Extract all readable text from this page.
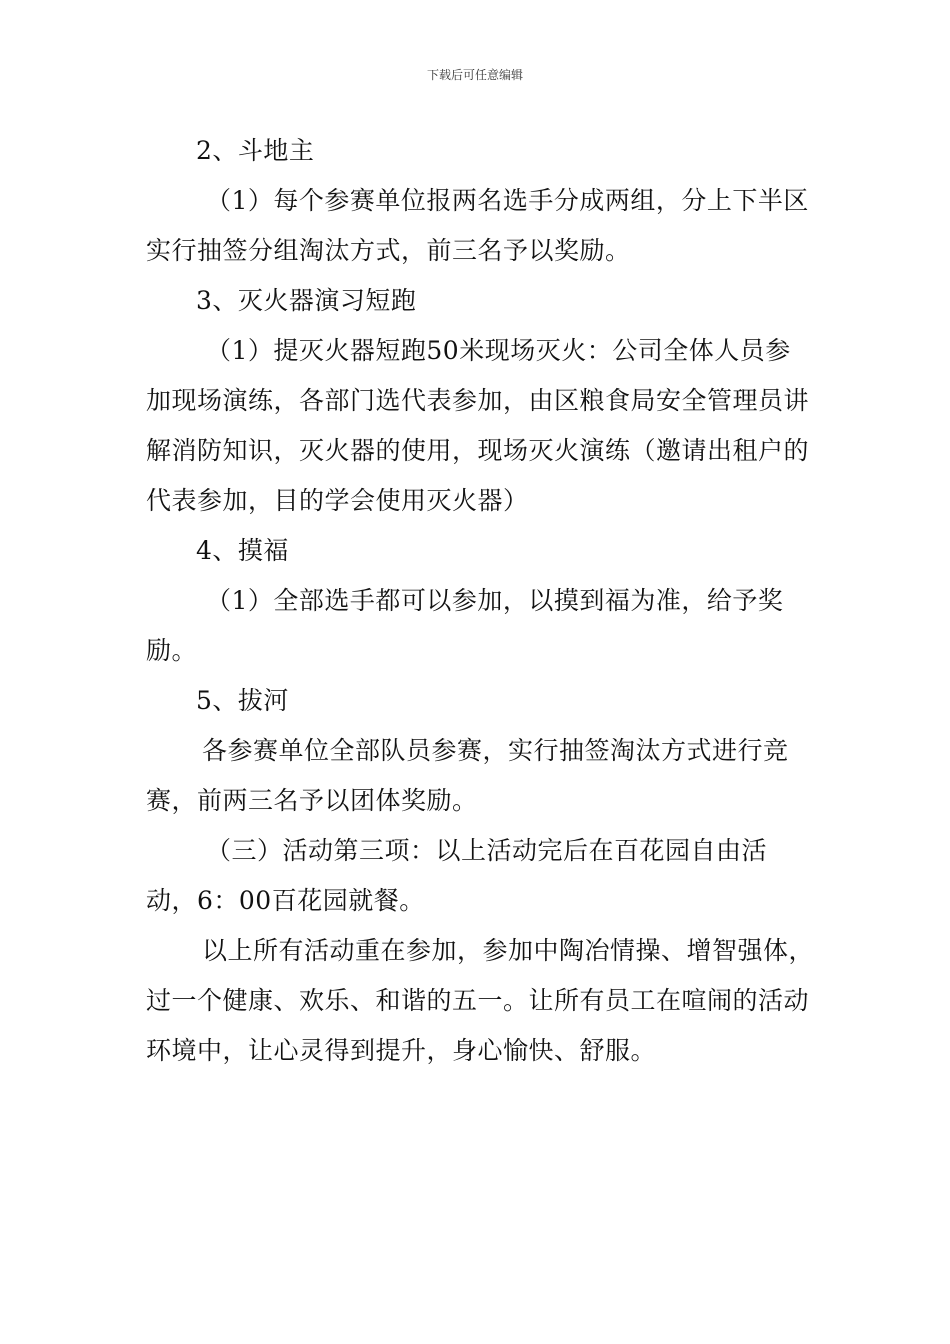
下载后可任意编辑

2、斗地主

（1）每个参赛单位报两名选手分成两组，分上下半区实行抽签分组淘汰方式，前三名予以奖励。

3、灭火器演习短跑

（1）提灭火器短跑50米现场灭火：公司全体人员参加现场演练，各部门选代表参加，由区粮食局安全管理员讲解消防知识，灭火器的使用，现场灭火演练（邀请出租户的代表参加，目的学会使用灭火器）

4、摸福

（1）全部选手都可以参加，以摸到福为准，给予奖励。

5、拔河

各参赛单位全部队员参赛，实行抽签淘汰方式进行竞赛，前两三名予以团体奖励。

（三）活动第三项：以上活动完后在百花园自由活动，6：00百花园就餐。

以上所有活动重在参加，参加中陶冶情操、增智强体，过一个健康、欢乐、和谐的五一。让所有员工在喧闹的活动环境中，让心灵得到提升，身心愉快、舒服。
